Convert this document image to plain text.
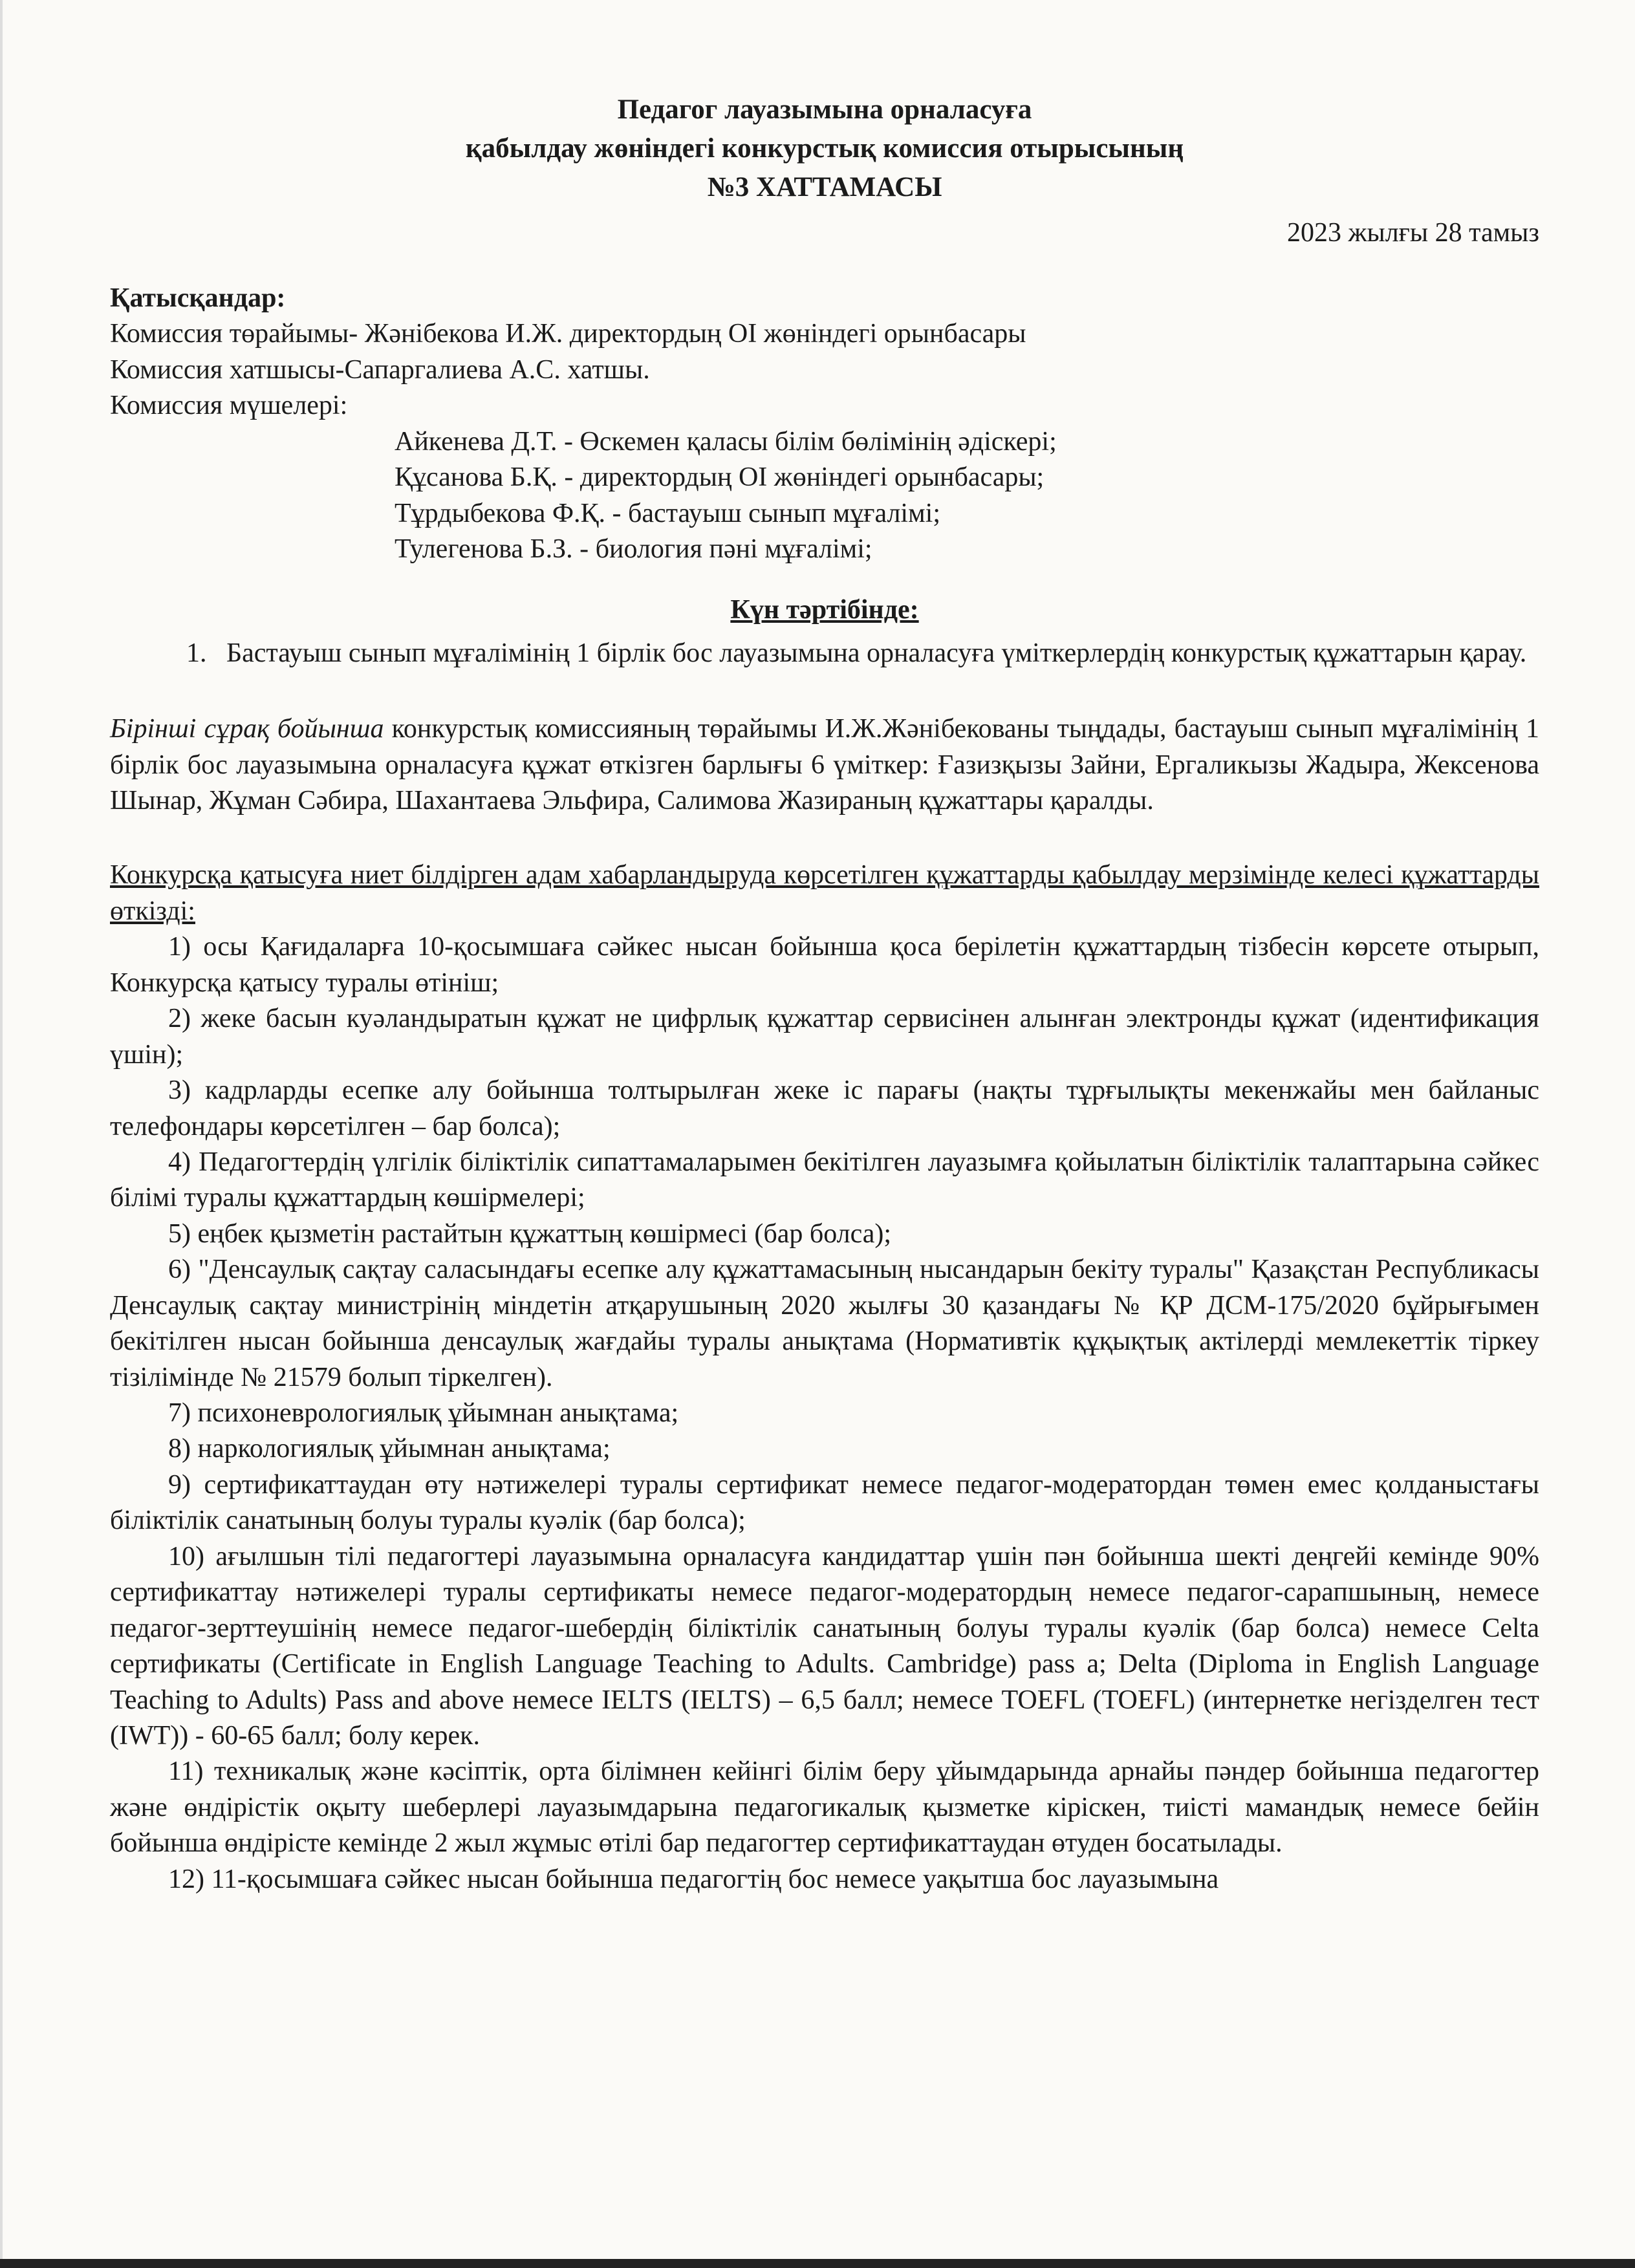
Педагог лауазымына орналасуға
қабылдау жөніндегі конкурстық комиссия отырысының
№3 ХАТТАМАСЫ
2023 жылғы 28 тамыз
Қатысқандар:
Комиссия төрайымы- Жәнібекова И.Ж. директордың ОІ жөніндегі орынбасары
Комиссия хатшысы-Сапаргалиева А.С. хатшы.
Комиссия мүшелері:
Айкенева Д.Т. - Өскемен қаласы білім бөлімінің әдіскері;
Құсанова Б.Қ. - директордың ОІ жөніндегі орынбасары;
Тұрдыбекова Ф.Қ. - бастауыш сынып мұғалімі;
Тулегенова Б.З. - биология пәні мұғалімі;
Күн тәртібінде:
1. Бастауыш сынып мұғалімінің 1 бірлік бос лауазымына орналасуға үміткерлердің конкурстық құжаттарын қарау.
Бірінші сұрақ бойынша конкурстық комиссияның төрайымы И.Ж.Жәнібекованы тыңдады, бастауыш сынып мұғалімінің 1 бірлік бос лауазымына орналасуға құжат өткізген барлығы 6 үміткер: Ғазизқызы Зайни, Ергаликызы Жадыра, Жексенова Шынар, Жұман Сәбира, Шахантаева Эльфира, Салимова Жазираның құжаттары қаралды.
Конкурсқа қатысуға ниет білдірген адам хабарландыруда көрсетілген құжаттарды қабылдау мерзімінде келесі құжаттарды өткізді:
1) осы Қағидаларға 10-қосымшаға сәйкес нысан бойынша қоса берілетін құжаттардың тізбесін көрсете отырып, Конкурсқа қатысу туралы өтініш;
2) жеке басын куәландыратын құжат не цифрлық құжаттар сервисінен алынған электронды құжат (идентификация үшін);
3) кадрларды есепке алу бойынша толтырылған жеке іс парағы (нақты тұрғылықты мекенжайы мен байланыс телефондары көрсетілген – бар болса);
4) Педагогтердің үлгілік біліктілік сипаттамаларымен бекітілген лауазымға қойылатын біліктілік талаптарына сәйкес білімі туралы құжаттардың көшірмелері;
5) еңбек қызметін растайтын құжаттың көшірмесі (бар болса);
6) "Денсаулық сақтау саласындағы есепке алу құжаттамасының нысандарын бекіту туралы" Қазақстан Республикасы Денсаулық сақтау министрінің міндетін атқарушының 2020 жылғы 30 қазандағы № ҚР ДСМ-175/2020 бұйрығымен бекітілген нысан бойынша денсаулық жағдайы туралы анықтама (Нормативтік құқықтық актілерді мемлекеттік тіркеу тізілімінде № 21579 болып тіркелген).
7) психоневрологиялық ұйымнан анықтама;
8) наркологиялық ұйымнан анықтама;
9) сертификаттаудан өту нәтижелері туралы сертификат немесе педагог-модератордан төмен емес қолданыстағы біліктілік санатының болуы туралы куәлік (бар болса);
10) ағылшын тілі педагогтері лауазымына орналасуға кандидаттар үшін пән бойынша шекті деңгейі кемінде 90% сертификаттау нәтижелері туралы сертификаты немесе педагог-модератордың немесе педагог-сарапшының, немесе педагог-зерттеушінің немесе педагог-шебердің біліктілік санатының болуы туралы куәлік (бар болса) немесе Celta сертификаты (Certificate in English Language Teaching to Adults. Cambridge) pass a; Delta (Diploma in English Language Teaching to Adults) Pass and above немесе IELTS (IELTS) – 6,5 балл; немесе TOEFL (TOEFL) (интернетке негізделген тест (IWT)) - 60-65 балл; болу керек.
11) техникалық және кәсіптік, орта білімнен кейінгі білім беру ұйымдарында арнайы пәндер бойынша педагогтер және өндірістік оқыту шеберлері лауазымдарына педагогикалық қызметке кіріскен, тиісті мамандық немесе бейін бойынша өндірісте кемінде 2 жыл жұмыс өтілі бар педагогтер сертификаттаудан өтуден босатылады.
12) 11-қосымшаға сәйкес нысан бойынша педагогтің бос немесе уақытша бос лауазымына
